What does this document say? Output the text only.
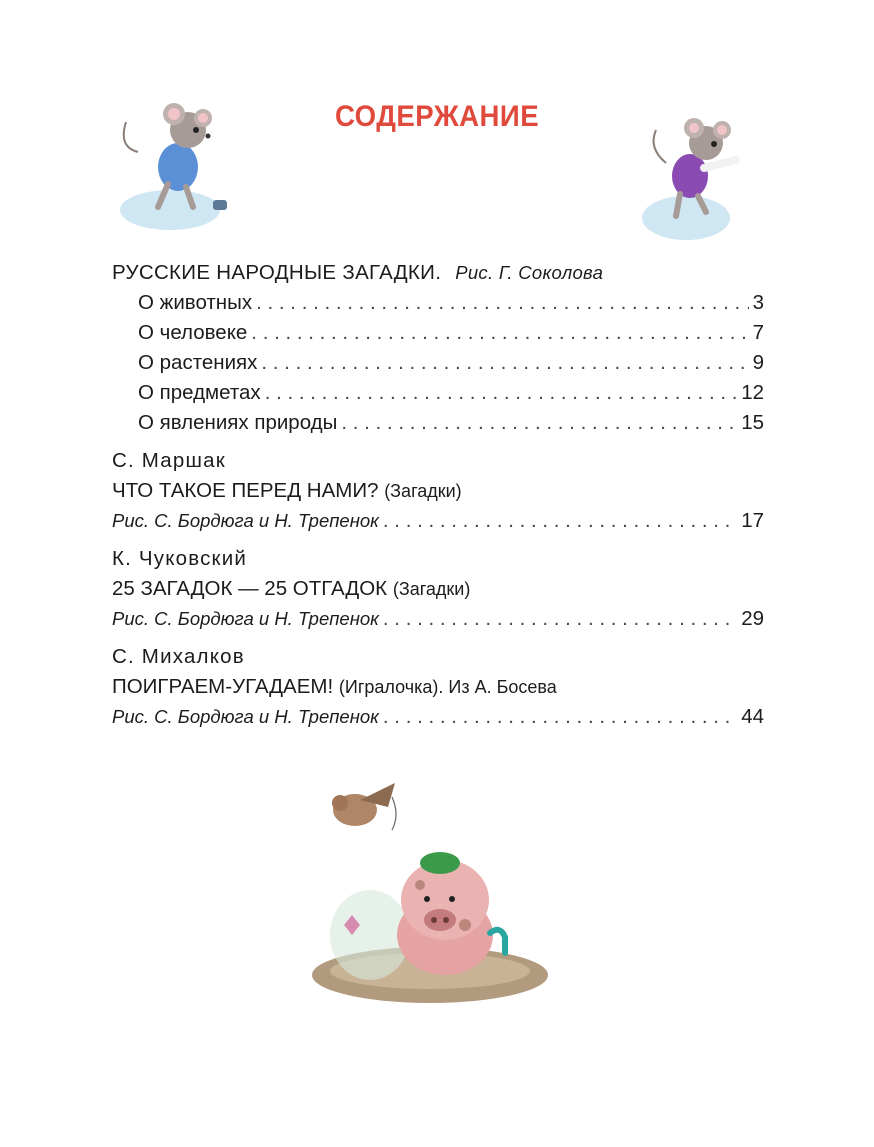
СОДЕРЖАНИЕ
РУССКИЕ НАРОДНЫЕ ЗАГАДКИ. Рис. Г. Соколова
О животных . . .	3
О человеке . . .	7
О растениях . . .	9
О предметах . . .	12
О явлениях природы . . .	15
С. Маршак
ЧТО ТАКОЕ ПЕРЕД НАМИ? (Загадки)
Рис. С. Бордюга и Н. Трепенок . . .	17
К. Чуковский
25 ЗАГАДОК — 25 ОТГАДОК (Загадки)
Рис. С. Бордюга и Н. Трепенок . . .	29
С. Михалков
ПОИГРАЕМ-УГАДАЕМ! (Игралочка). Из А. Босева
Рис. С. Бордюга и Н. Трепенок . . .	44
